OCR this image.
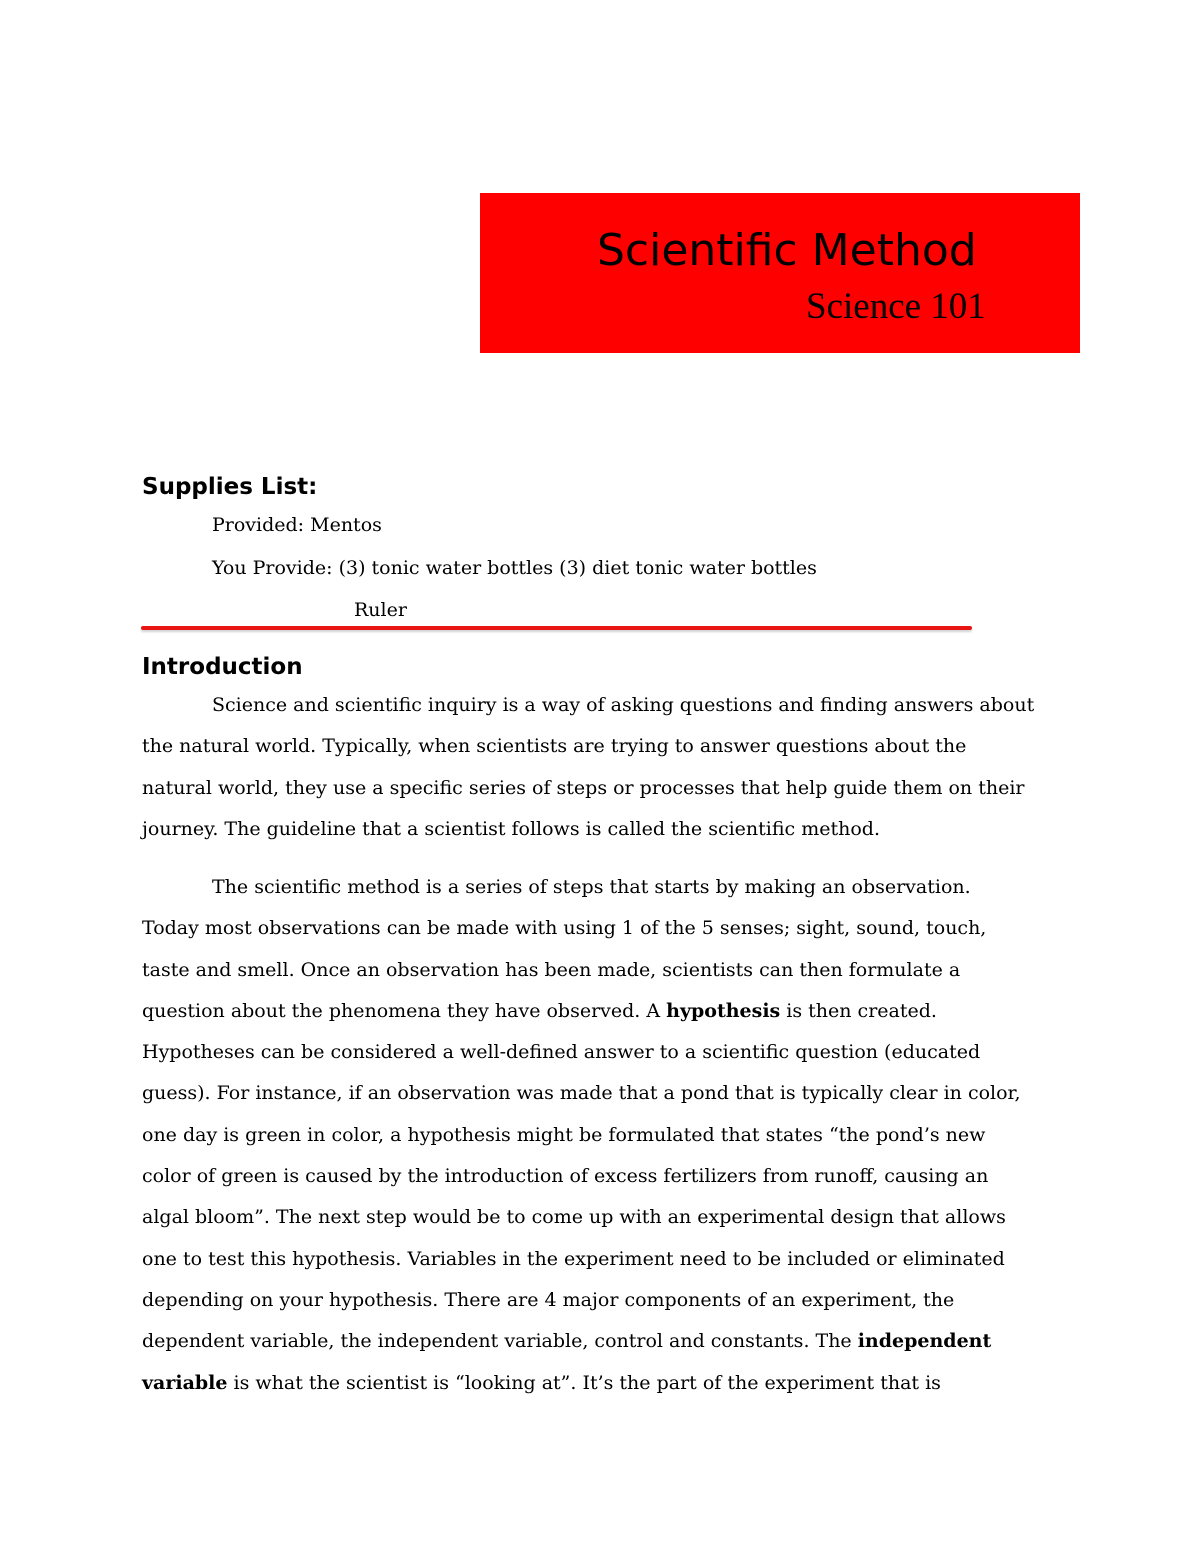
Scientific Method
Science 101
Supplies List:
Provided: Mentos
You Provide: (3) tonic water bottles (3) diet tonic water bottles
Ruler
Introduction
Science and scientific inquiry is a way of asking questions and finding answers about
the natural world. Typically, when scientists are trying to answer questions about the
natural world, they use a specific series of steps or processes that help guide them on their
journey. The guideline that a scientist follows is called the scientific method.
The scientific method is a series of steps that starts by making an observation.
Today most observations can be made with using 1 of the 5 senses; sight, sound, touch,
taste and smell. Once an observation has been made, scientists can then formulate a
question about the phenomena they have observed. A hypothesis is then created.
Hypotheses can be considered a well-defined answer to a scientific question (educated
guess). For instance, if an observation was made that a pond that is typically clear in color,
one day is green in color, a hypothesis might be formulated that states “the pond’s new
color of green is caused by the introduction of excess fertilizers from runoff, causing an
algal bloom”. The next step would be to come up with an experimental design that allows
one to test this hypothesis. Variables in the experiment need to be included or eliminated
depending on your hypothesis. There are 4 major components of an experiment, the
dependent variable, the independent variable, control and constants. The independent
variable is what the scientist is “looking at”. It’s the part of the experiment that is
